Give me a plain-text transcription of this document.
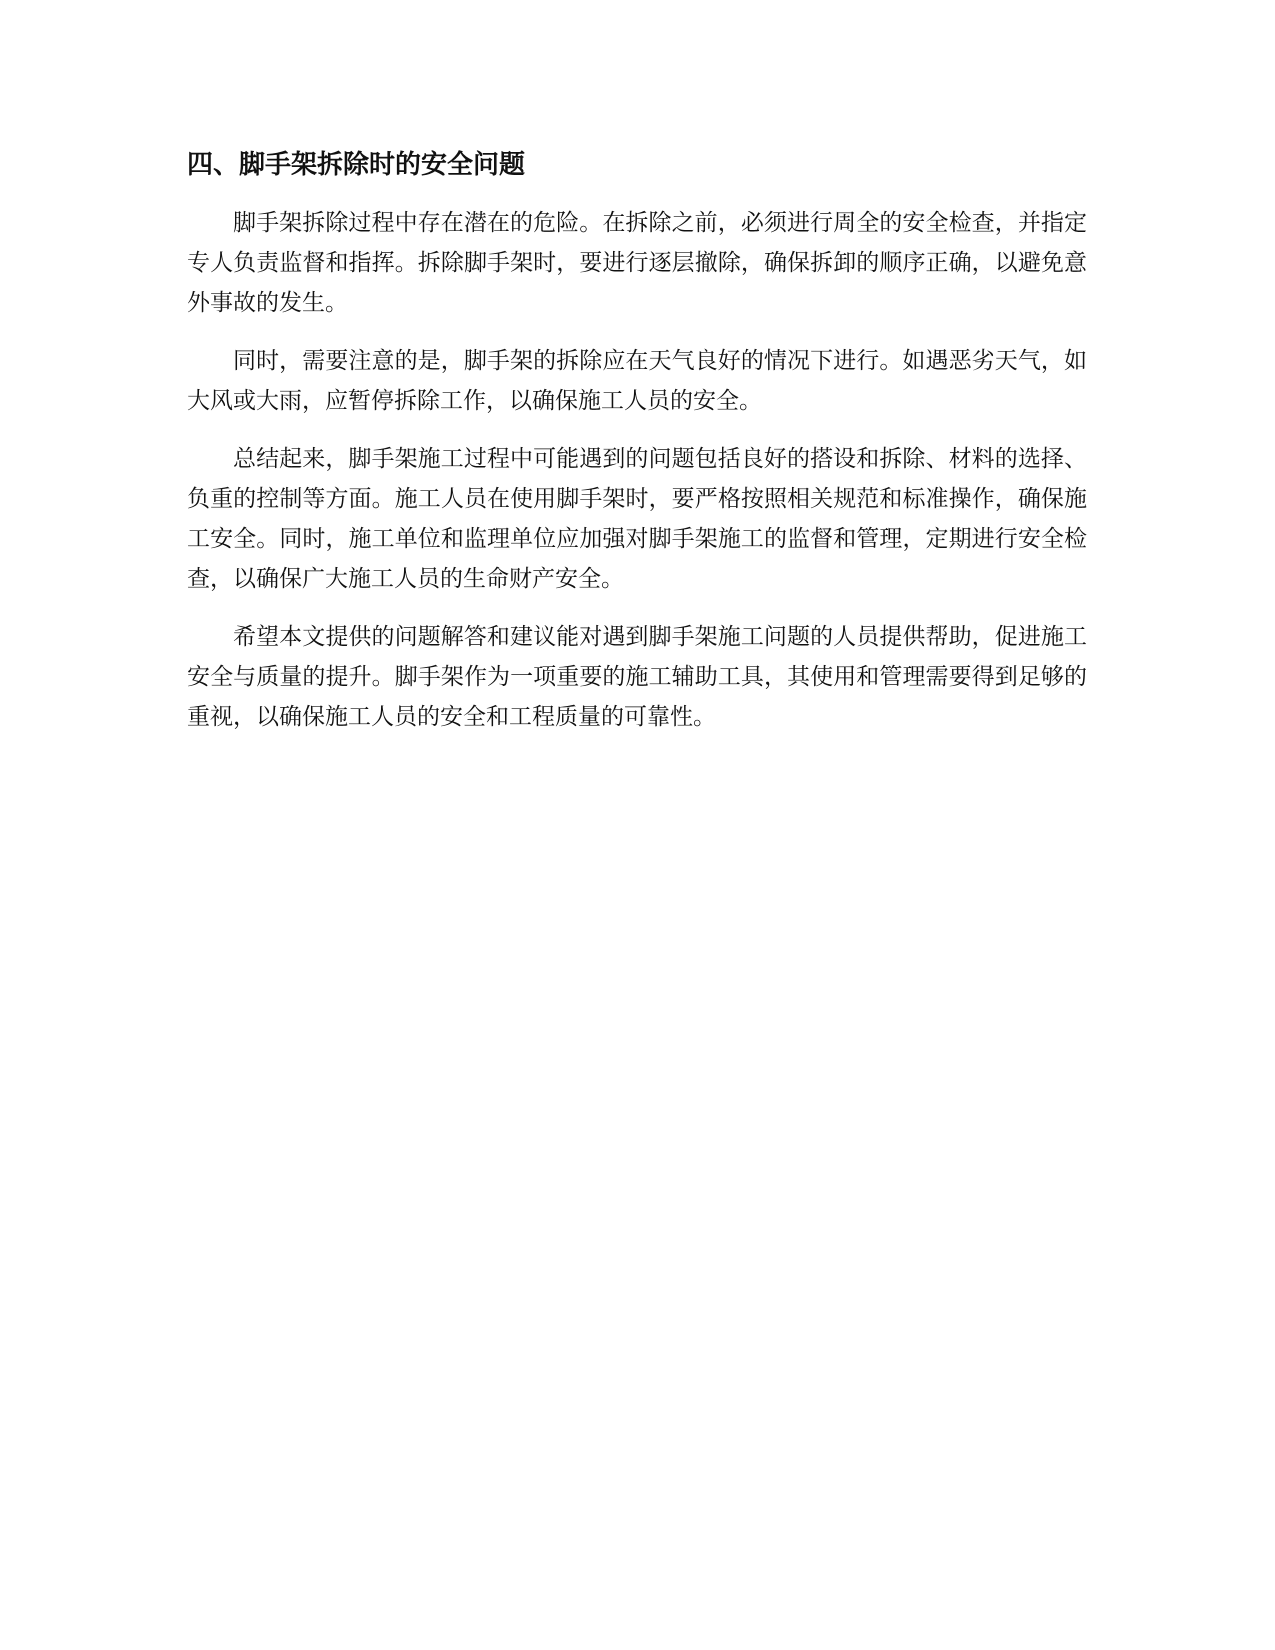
四、脚手架拆除时的安全问题

脚手架拆除过程中存在潜在的危险。在拆除之前，必须进行周全的安全检查，并指定专人负责监督和指挥。拆除脚手架时，要进行逐层撤除，确保拆卸的顺序正确，以避免意外事故的发生。

同时，需要注意的是，脚手架的拆除应在天气良好的情况下进行。如遇恶劣天气，如大风或大雨，应暂停拆除工作，以确保施工人员的安全。

总结起来，脚手架施工过程中可能遇到的问题包括良好的搭设和拆除、材料的选择、负重的控制等方面。施工人员在使用脚手架时，要严格按照相关规范和标准操作，确保施工安全。同时，施工单位和监理单位应加强对脚手架施工的监督和管理，定期进行安全检查，以确保广大施工人员的生命财产安全。

希望本文提供的问题解答和建议能对遇到脚手架施工问题的人员提供帮助，促进施工安全与质量的提升。脚手架作为一项重要的施工辅助工具，其使用和管理需要得到足够的重视，以确保施工人员的安全和工程质量的可靠性。
